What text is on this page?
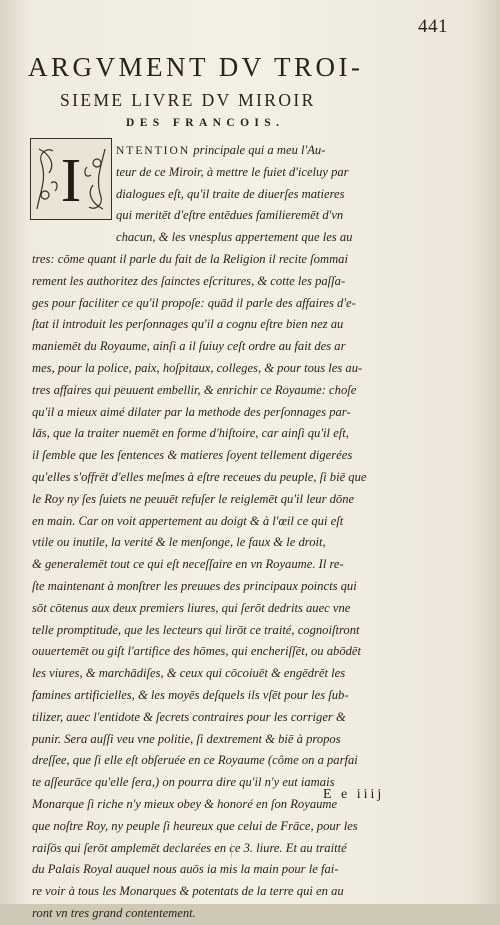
441
ARGVMENT DV TROI-
SIEME LIVRE DV MIROIR
DES FRANCOIS.
I	NTENTION principale qui a meu l'Au-
teur de ce Miroir, à mettre le fuiet d'iceluy par
dialogues eſt, qu'il traite de diuerſes matieres
qui meritēt d'eſtre entēdues familieremēt d'vn
chacun, & les vnesplus appertement que les au
tres: cōme quant il parle du fait de la Religion il recite ſommai
rement les authoritez des ſainctes eſcritures, & cotte les paſſa-
ges pour faciliter ce qu'il propoſe: quād il parle des affaires d'e-
ſtat il introduit les perſonnages qu'il a cognu eſtre bien nez au
maniemēt du Royaume, ainſi a il ſuiuy ceſt ordre au fait des ar
mes, pour la police, paix, hoſpitaux, colleges, & pour tous les au-
tres affaires qui peuuent embellir, & enrichir ce Royaume: choſe
qu'il a mieux aimé dilater par la methode des perſonnages par-
lās, que la traiter nuemēt en forme d'hiſtoire, car ainſi qu'il eſt,
il ſemble que les ſentences & matieres ſoyent tellement digerées
qu'elles s'offrēt d'elles meſmes à eſtre receues du peuple, ſi biē que
le Roy ny ſes ſuiets ne peuuēt refuſer le reiglemēt qu'il leur dōne
en main. Car on voit appertement au doigt & à l'œil ce qui eſt
vtile ou inutile, la verité & le menſonge, le faux & le droit,
& generalemēt tout ce qui eſt neceſſaire en vn Royaume. Il re-
ſte maintenant à monſtrer les preuues des principaux poincts qui
sōt cōtenus aux deux premiers liures, qui ſerōt dedrits auec vne
telle promptitude, que les lecteurs qui lirōt ce traité, cognoiſtront
ouuertemēt ou giſt l'artifice des hōmes, qui encheriſſēt, ou abōdēt
les viures, & marchādiſes, & ceux qui cōcoiuēt & engēdrēt les
famines artificielles, & les moyēs deſquels ils vſēt pour les ſub-
tilizer, auec l'entidote & ſecrets contraires pour les corriger &
punir. Sera auſſi veu vne politie, ſi dextrement & biē à propos
dreſſee, que ſi elle eſt obſeruée en ce Royaume (côme on a parfai
te aſſeurāce qu'elle ſera,) on pourra dire qu'il n'y eut iamais
Monarque ſi riche n'y mieux obey & honoré en ſon Royaume
que noſtre Roy, ny peuple ſi heureux que celui de Frāce, pour les
raiſōs qui ſerōt amplemēt declarées en ce 3. liure. Et au traitté
du Palais Royal auquel nous auōs ia mis la main pour le fai-
re voir à tous les Monarques & potentats de la terre qui en au
ront vn tres grand contentement.
E e iiij
